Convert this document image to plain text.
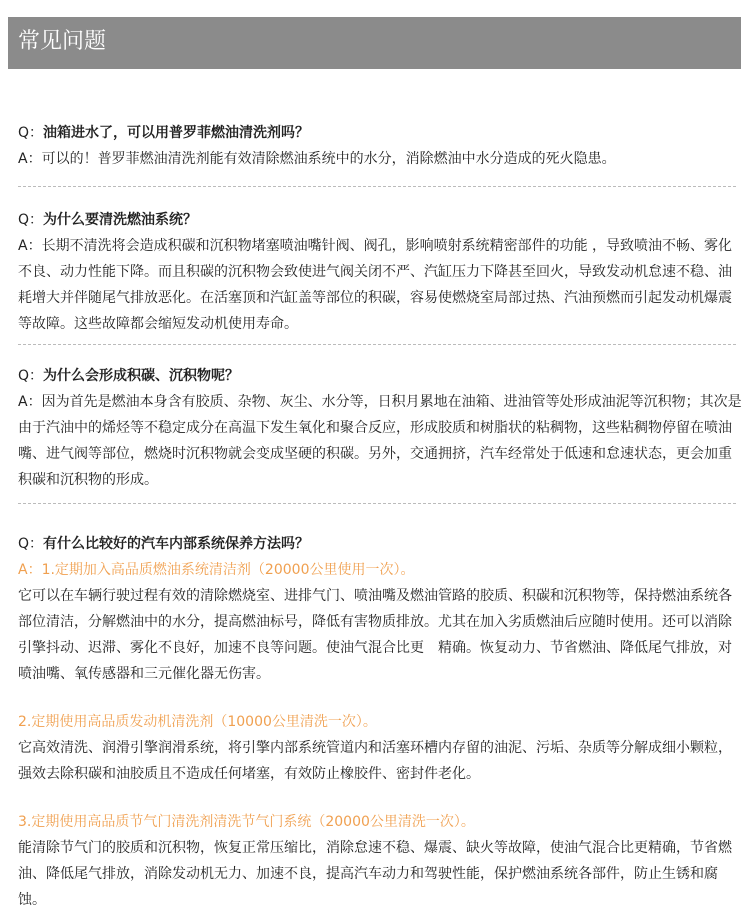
常见问题

Q：油箱进水了，可以用普罗菲燃油清洗剂吗？

A：可以的！普罗菲燃油清洗剂能有效清除燃油系统中的水分，消除燃油中水分造成的死火隐患。

Q：为什么要清洗燃油系统？

A：长期不清洗将会造成积碳和沉积物堵塞喷油嘴针阀、阀孔，影响喷射系统精密部件的功能 ，导致喷油不畅、雾化不良、动力性能下降。而且积碳的沉积物会致使进气阀关闭不严、汽缸压力下降甚至回火，导致发动机怠速不稳、油耗增大并伴随尾气排放恶化。在活塞顶和汽缸盖等部位的积碳，容易使燃烧室局部过热、汽油预燃而引起发动机爆震等故障。这些故障都会缩短发动机使用寿命。

Q：为什么会形成积碳、沉积物呢？

A：因为首先是燃油本身含有胶质、杂物、灰尘、水分等，日积月累地在油箱、进油管等处形成油泥等沉积物；其次是由于汽油中的烯烃等不稳定成分在高温下发生氧化和聚合反应，形成胶质和树脂状的粘稠物，这些粘稠物停留在喷油嘴、进气阀等部位，燃烧时沉积物就会变成坚硬的积碳。另外，交通拥挤，汽车经常处于低速和怠速状态，更会加重积碳和沉积物的形成。

Q：有什么比较好的汽车内部系统保养方法吗？

A：1.定期加入高品质燃油系统清洁剂（20000公里使用一次）。

它可以在车辆行驶过程有效的清除燃烧室、进排气门、喷油嘴及燃油管路的胶质、积碳和沉积物等，保持燃油系统各部位清洁，分解燃油中的水分，提高燃油标号，降低有害物质排放。尤其在加入劣质燃油后应随时使用。还可以消除引擎抖动、迟滞、雾化不良好，加速不良等问题。使油气混合比更　精确。恢复动力、节省燃油、降低尾气排放，对喷油嘴、氧传感器和三元催化器无伤害。

2.定期使用高品质发动机清洗剂（10000公里清洗一次）。

它高效清洗、润滑引擎润滑系统，将引擎内部系统管道内和活塞环槽内存留的油泥、污垢、杂质等分解成细小颗粒，强效去除积碳和油胶质且不造成任何堵塞，有效防止橡胶件、密封件老化。

3.定期使用高品质节气门清洗剂清洗节气门系统（20000公里清洗一次）。

能清除节气门的胶质和沉积物，恢复正常压缩比，消除怠速不稳、爆震、缺火等故障，使油气混合比更精确，节省燃油、降低尾气排放，消除发动机无力、加速不良，提高汽车动力和驾驶性能，保护燃油系统各部件，防止生锈和腐蚀。
